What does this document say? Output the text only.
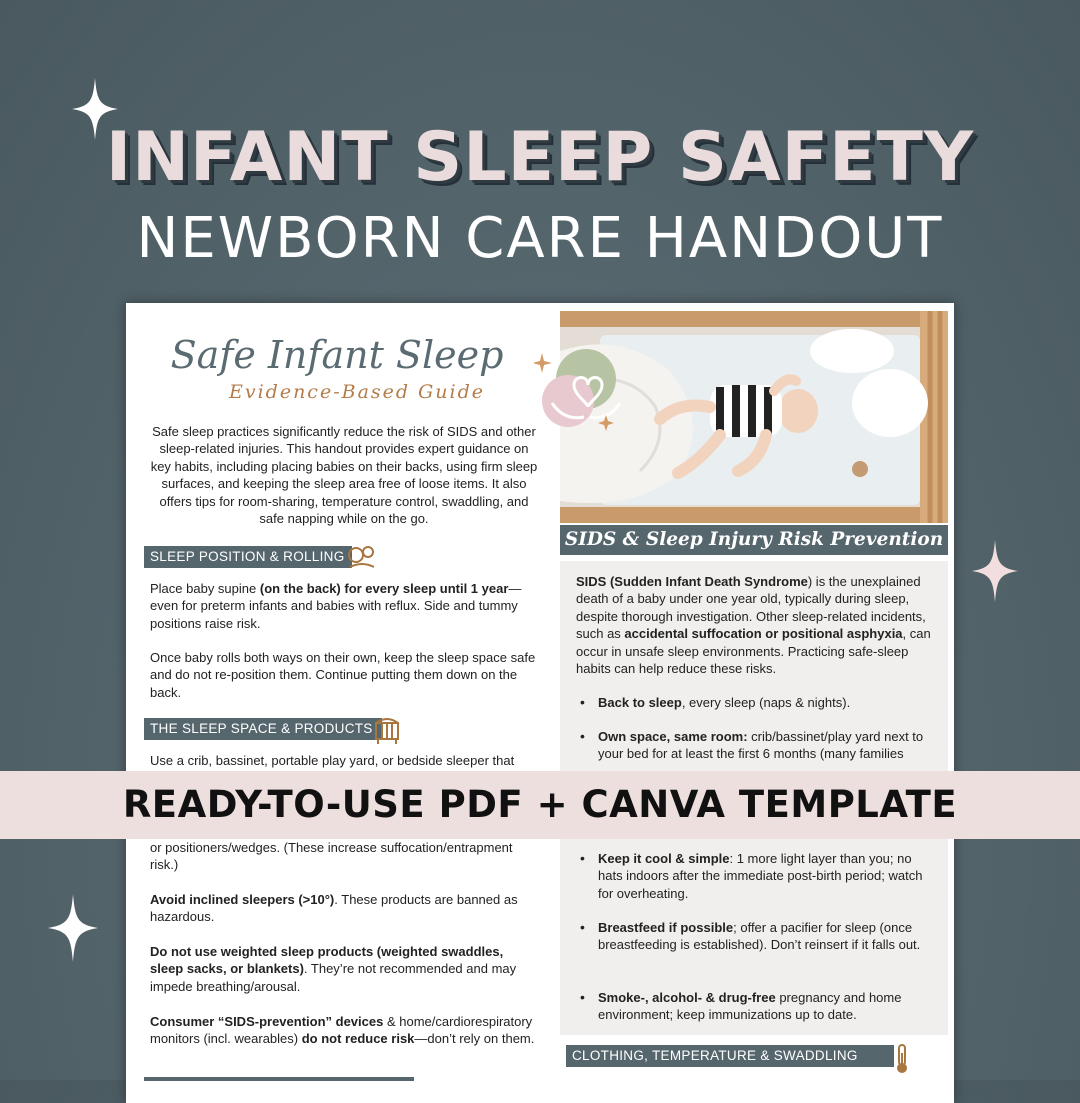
INFANT SLEEP SAFETY
NEWBORN CARE HANDOUT
Safe Infant Sleep
Evidence-Based Guide
Safe sleep practices significantly reduce the risk of SIDS and other sleep-related injuries. This handout provides expert guidance on key habits, including placing babies on their backs, using firm sleep surfaces, and keeping the sleep area free of loose items. It also offers tips for room-sharing, temperature control, swaddling, and safe napping while on the go.
SLEEP POSITION & ROLLING
Place baby supine (on the back) for every sleep until 1 year—even for preterm infants and babies with reflux. Side and tummy positions raise risk.
Once baby rolls both ways on their own, keep the sleep space safe and do not re-position them. Continue putting them down on the back.
THE SLEEP SPACE & PRODUCTS
Use a crib, bassinet, portable play yard, or bedside sleeper that
or positioners/wedges. (These increase suffocation/entrapment risk.)
Avoid inclined sleepers (>10°). These products are banned as hazardous.
Do not use weighted sleep products (weighted swaddles, sleep sacks, or blankets). They’re not recommended and may impede breathing/arousal.
Consumer “SIDS-prevention” devices & home/cardiorespiratory monitors (incl. wearables) do not reduce risk—don’t rely on them.
SIDS & Sleep Injury Risk Prevention
SIDS (Sudden Infant Death Syndrome) is the unexplained death of a baby under one year old, typically during sleep, despite thorough investigation. Other sleep-related incidents, such as accidental suffocation or positional asphyxia, can occur in unsafe sleep environments. Practicing safe-sleep habits can help reduce these risks.
• Back to sleep, every sleep (naps & nights).
• Own space, same room: crib/bassinet/play yard next to your bed for at least the first 6 months (many families
• Keep it cool & simple: 1 more light layer than you; no hats indoors after the immediate post-birth period; watch for overheating.
• Breastfeed if possible; offer a pacifier for sleep (once breastfeeding is established). Don’t reinsert if it falls out.
• Smoke-, alcohol- & drug-free pregnancy and home environment; keep immunizations up to date.
CLOTHING, TEMPERATURE & SWADDLING
READY-TO-USE PDF + CANVA TEMPLATE
